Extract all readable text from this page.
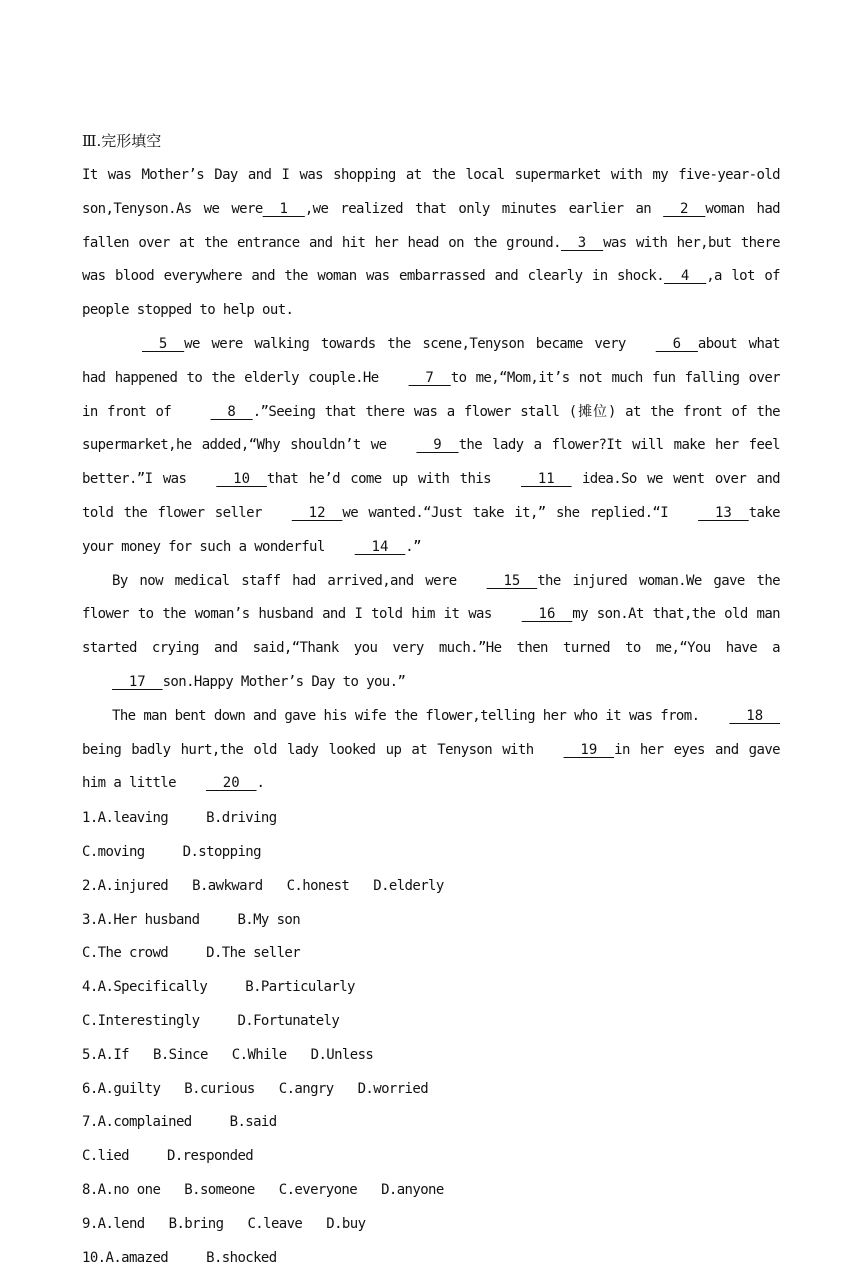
Ⅲ.完形填空

It was Mother’s Day and I was shopping at the local supermarket with my five-year-old son,Tenyson.As we were  1  ,we realized that only minutes earlier an   2  woman had fallen over at the entrance and hit her head on the ground.  3  was with her,but there was blood everywhere and the woman was embarrassed and clearly in shock.  4  ,a lot of people stopped to help out.

5  we were walking towards the scene,Tenyson became very  6  about what had happened to the elderly couple.He  7  to me,“Mom,it’s not much fun falling over in front of   8  .”Seeing that there was a flower stall (摊位) at the front of the supermarket,he added,“Why shouldn’t we  9  the lady a flower?It will make her feel better.”I was  10  that he’d come up with this  11   idea.So we went over and told the flower seller  12  we wanted.“Just take it,” she replied.“I  13  take your money for such a wonderful  14  .”

By now medical staff had arrived,and were  15  the injured woman.We gave the flower to the woman’s husband and I told him it was  16  my son.At that,the old man started crying and said,“Thank you very much.”He then turned to me,“You have a   17  son.Happy Mother’s Day to you.”

The man bent down and gave his wife the flower,telling her who it was from.  18  being badly hurt,the old lady looked up at Tenyson with  19  in her eyes and gave him a little  20  .

1.A.leaving	B.driving
C.moving	D.stopping
2.A.injured B.awkward C.honest D.elderly
3.A.Her husband	B.My son
C.The crowd	D.The seller
4.A.Specifically	B.Particularly
C.Interestingly	D.Fortunately
5.A.If B.Since C.While D.Unless
6.A.guilty B.curious C.angry D.worried
7.A.complained	B.said
C.lied	D.responded
8.A.no one B.someone C.everyone D.anyone
9.A.lend B.bring C.leave D.buy
10.A.amazed	B.shocked
